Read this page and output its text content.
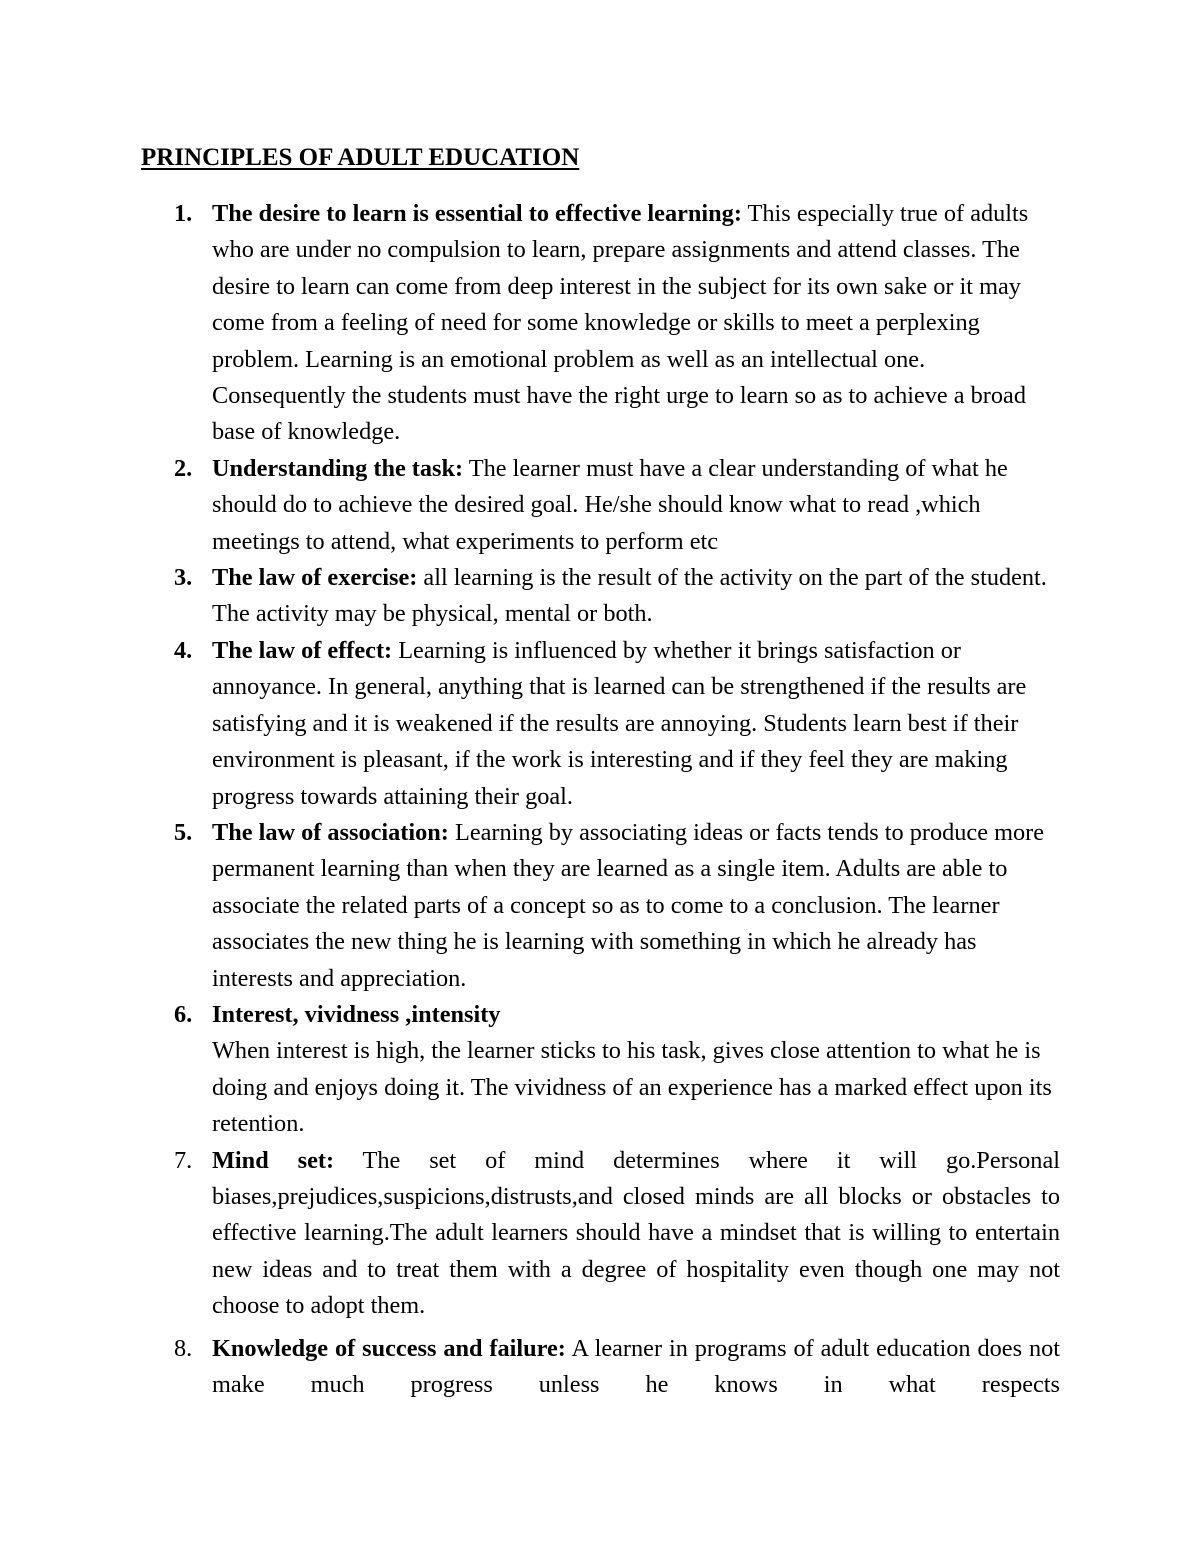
PRINCIPLES OF ADULT EDUCATION
1. The desire to learn is essential to effective learning: This especially true of adults who are under no compulsion to learn, prepare assignments and attend classes. The desire to learn can come from deep interest in the subject for its own sake or it may come from a feeling of need for some knowledge or skills to meet a perplexing problem. Learning is an emotional problem as well as an intellectual one. Consequently the students must have the right urge to learn so as to achieve a broad base of knowledge.
2. Understanding the task: The learner must have a clear understanding of what he should do to achieve the desired goal. He/she should know what to read ,which meetings to attend, what experiments to perform etc
3. The law of exercise: all learning is the result of the activity on the part of the student. The activity may be physical, mental or both.
4. The law of effect: Learning is influenced by whether it brings satisfaction or annoyance. In general, anything that is learned can be strengthened if the results are satisfying and it is weakened if the results are annoying. Students learn best if their environment is pleasant, if the work is interesting and if they feel they are making progress towards attaining their goal.
5. The law of association: Learning by associating ideas or facts tends to produce more permanent learning than when they are learned as a single item. Adults are able to associate the related parts of a concept so as to come to a conclusion. The learner associates the new thing he is learning with something in which he already has interests and appreciation.
6. Interest, vividness ,intensity
When interest is high, the learner sticks to his task, gives close attention to what he is doing and enjoys doing it. The vividness of an experience has a marked effect upon its retention.
7. Mind set: The set of mind determines where it will go.Personal biases,prejudices,suspicions,distrusts,and closed minds are all blocks or obstacles to effective learning.The adult learners should have a mindset that is willing to entertain new ideas and to treat them with a degree of hospitality even though one may not choose to adopt them.
8. Knowledge of success and failure: A learner in programs of adult education does not make much progress unless he knows in what respects
